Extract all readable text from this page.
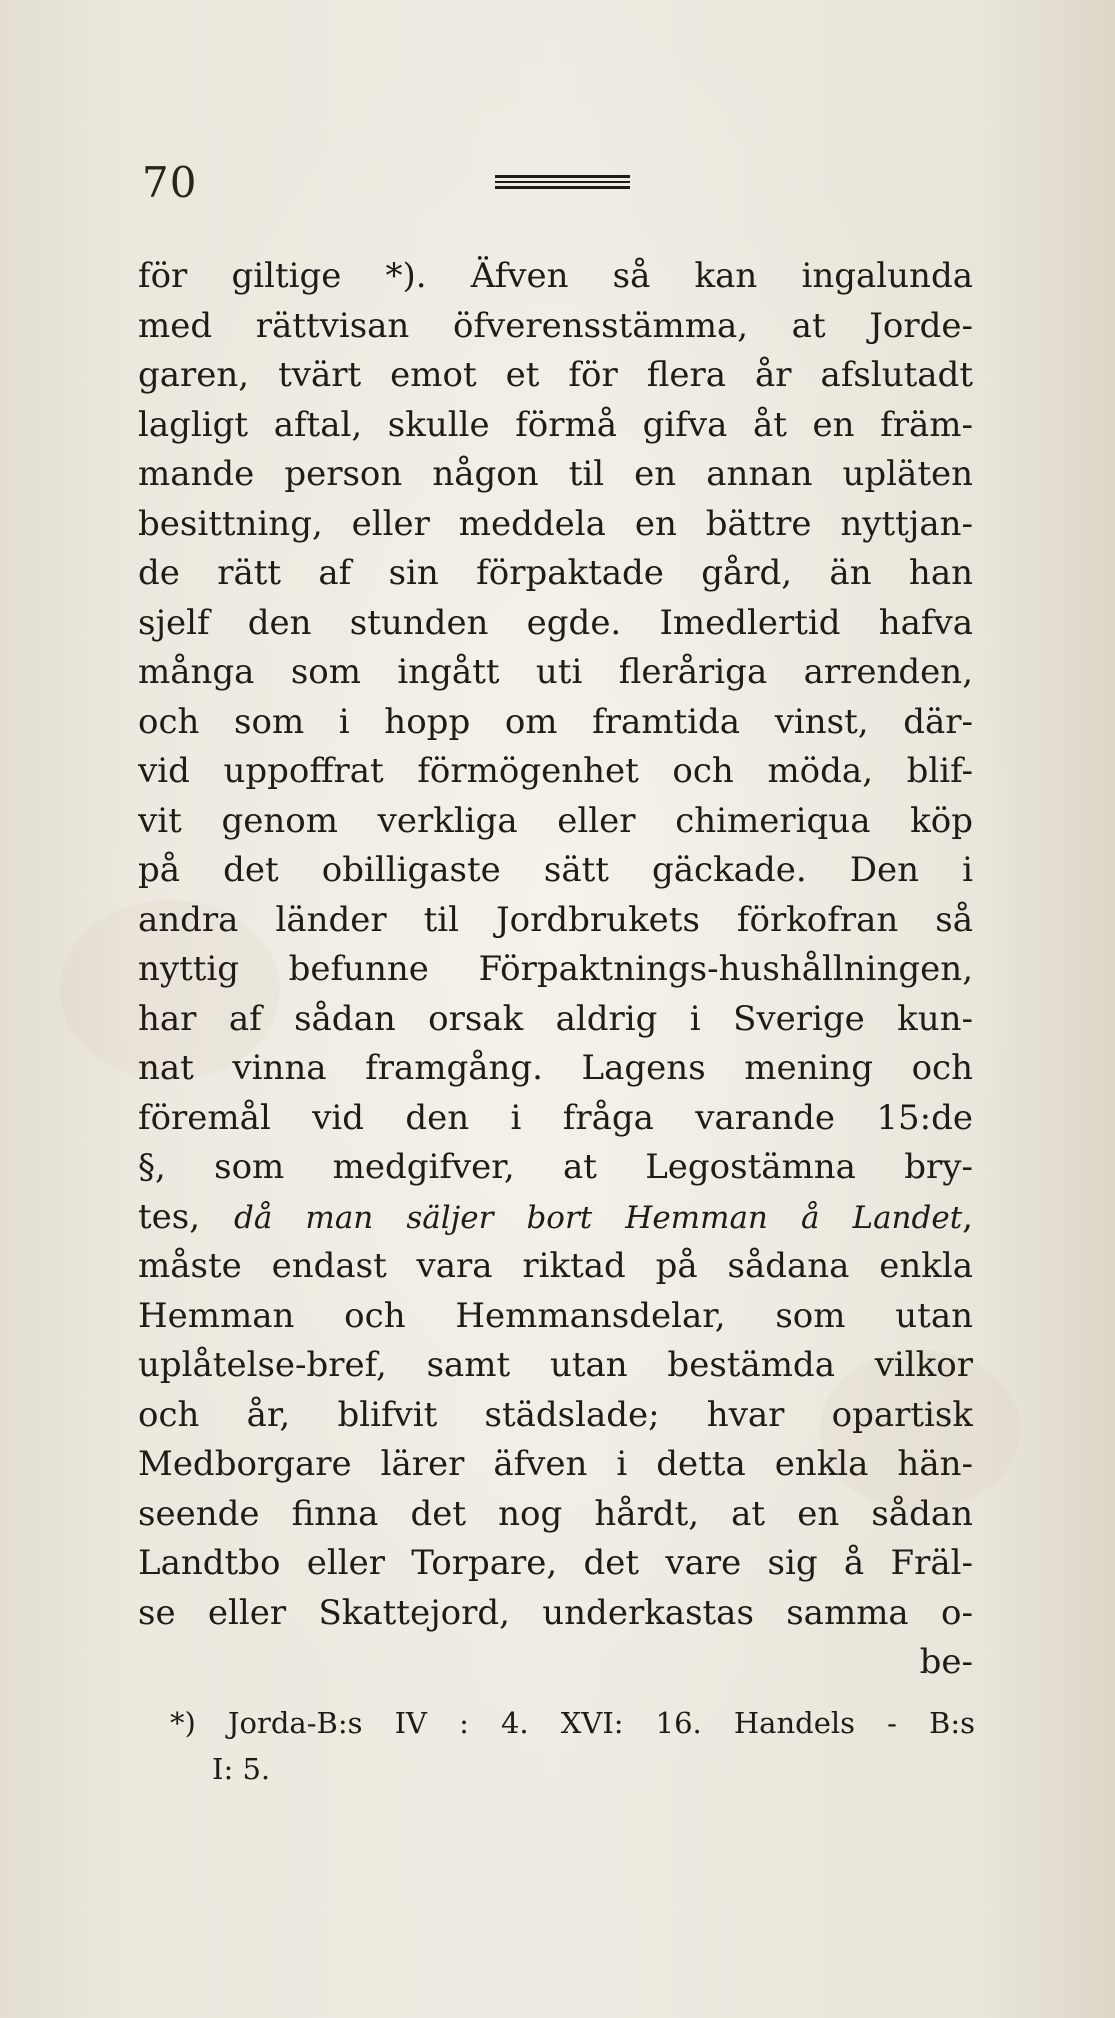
70
för giltige *). Äfven så kan ingalunda
med rättvisan öfverensstämma, at Jorde-
garen, tvärt emot et för flera år afslutadt
lagligt aftal, skulle förmå gifva åt en främ-
mande person någon til en annan upläten
besittning, eller meddela en bättre nyttjan-
de rätt af sin förpaktade gård, än han
sjelf den stunden egde. Imedlertid hafva
många som ingått uti fleråriga arrenden,
och som i hopp om framtida vinst, där-
vid uppoffrat förmögenhet och möda, blif-
vit genom verkliga eller chimeriqua köp
på det obilligaste sätt gäckade. Den i
andra länder til Jordbrukets förkofran så
nyttig befunne Förpaktnings-hushållningen,
har af sådan orsak aldrig i Sverige kun-
nat vinna framgång. Lagens mening och
föremål vid den i fråga varande 15:de
§, som medgifver, at Legostämna bry-
tes, då man säljer bort Hemman å Landet,
måste endast vara riktad på sådana enkla
Hemman och Hemmansdelar, som utan
uplåtelse-bref, samt utan bestämda vilkor
och år, blifvit städslade; hvar opartisk
Medborgare lärer äfven i detta enkla hän-
seende finna det nog hårdt, at en sådan
Landtbo eller Torpare, det vare sig å Fräl-
se eller Skattejord, underkastas samma o-
be-
*) Jorda-B:s IV : 4. XVI: 16. Handels - B:s
I: 5.
